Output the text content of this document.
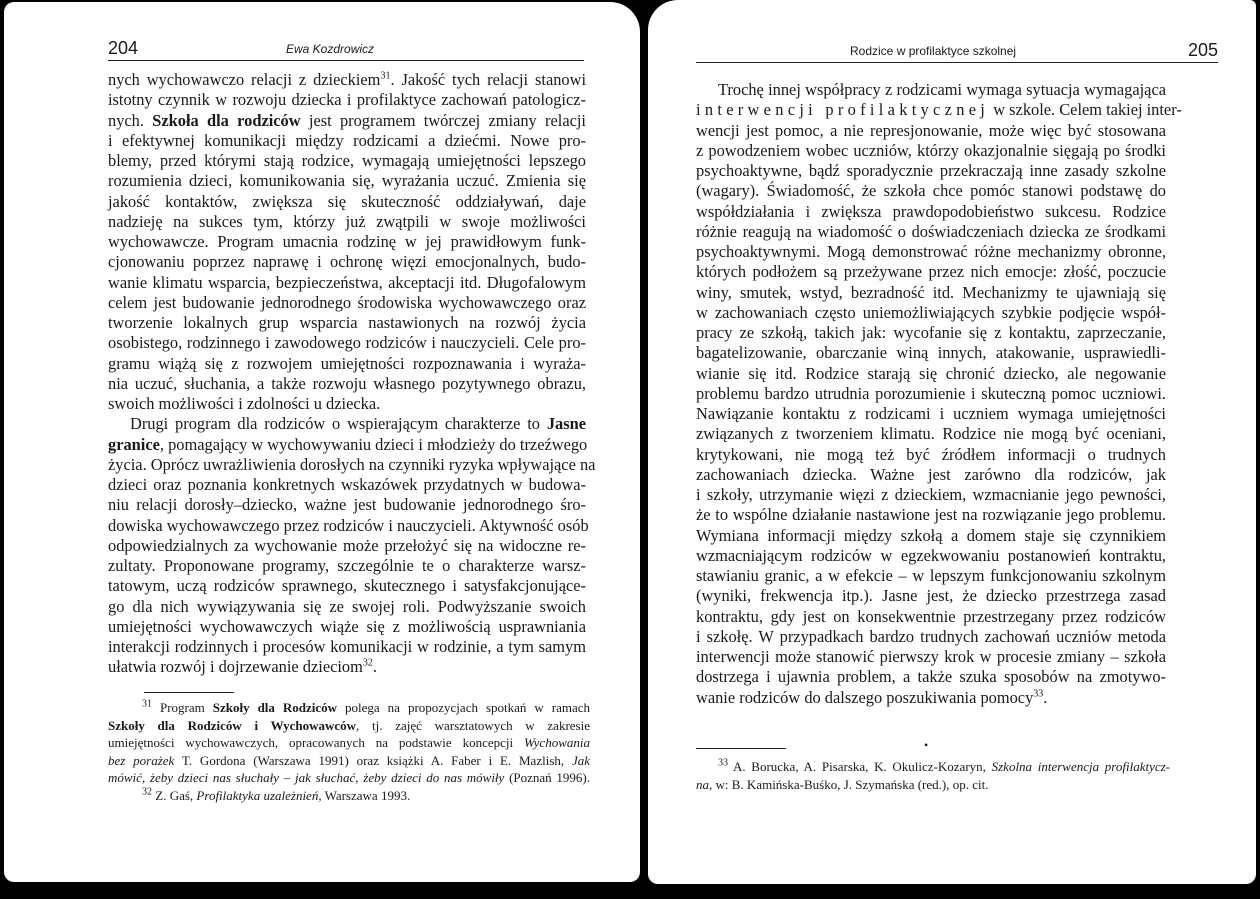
204	Ewa Kozdrowicz
nych wychowawczo relacji z dzieckiem$^{31}$. Jakość tych relacji stanowi
istotny czynnik w rozwoju dziecka i profilaktyce zachowań patologicz-
nych. Szkoła dla rodziców jest programem twórczej zmiany relacji
i efektywnej komunikacji między rodzicami a dziećmi. Nowe pro-
blemy, przed którymi stają rodzice, wymagają umiejętności lepszego
rozumienia dzieci, komunikowania się, wyrażania uczuć. Zmienia się
jakość kontaktów, zwiększa się skuteczność oddziaływań, daje
nadzieję na sukces tym, którzy już zwątpili w swoje możliwości
wychowawcze. Program umacnia rodzinę w jej prawidłowym funk-
cjonowaniu poprzez naprawę i ochronę więzi emocjonalnych, budo-
wanie klimatu wsparcia, bezpieczeństwa, akceptacji itd. Długofalowym
celem jest budowanie jednorodnego środowiska wychowawczego oraz
tworzenie lokalnych grup wsparcia nastawionych na rozwój życia
osobistego, rodzinnego i zawodowego rodziców i nauczycieli. Cele pro-
gramu wiążą się z rozwojem umiejętności rozpoznawania i wyraża-
nia uczuć, słuchania, a także rozwoju własnego pozytywnego obrazu,
swoich możliwości i zdolności u dziecka.
Drugi program dla rodziców o wspierającym charakterze to Jasne
granice, pomagający w wychowywaniu dzieci i młodzieży do trzeźwego
życia. Oprócz uwrażliwienia dorosłych na czynniki ryzyka wpływające na
dzieci oraz poznania konkretnych wskazówek przydatnych w budowa-
niu relacji dorosły–dziecko, ważne jest budowanie jednorodnego śro-
dowiska wychowawczego przez rodziców i nauczycieli. Aktywność osób
odpowiedzialnych za wychowanie może przełożyć się na widoczne re-
zultaty. Proponowane programy, szczególnie te o charakterze warsz-
tatowym, uczą rodziców sprawnego, skutecznego i satysfakcjonujące-
go dla nich wywiązywania się ze swojej roli. Podwyższanie swoich
umiejętności wychowawczych wiąże się z możliwością usprawniania
interakcji rodzinnych i procesów komunikacji w rodzinie, a tym samym
ułatwia rozwój i dojrzewanie dzieciom$^{32}$.
$^{31}$ Program Szkoły dla Rodziców polega na propozycjach spotkań w ramach
Szkoły dla Rodziców i Wychowawców, tj. zajęć warsztatowych w zakresie
umiejętności wychowawczych, opracowanych na podstawie koncepcji Wychowania
bez porażek T. Gordona (Warszawa 1991) oraz książki A. Faber i E. Mazlish, Jak
mówić, żeby dzieci nas słuchały – jak słuchać, żeby dzieci do nas mówiły (Poznań 1996).
$^{32}$ Z. Gaś, Profilaktyka uzależnień, Warszawa 1993.
Rodzice w profilaktyce szkolnej	205
Trochę innej współpracy z rodzicami wymaga sytuacja wymagająca
interwencji profilaktycznej w szkole. Celem takiej inter-
wencji jest pomoc, a nie represjonowanie, może więc być stosowana
z powodzeniem wobec uczniów, którzy okazjonalnie sięgają po środki
psychoaktywne, bądź sporadycznie przekraczają inne zasady szkolne
(wagary). Świadomość, że szkoła chce pomóc stanowi podstawę do
współdziałania i zwiększa prawdopodobieństwo sukcesu. Rodzice
różnie reagują na wiadomość o doświadczeniach dziecka ze środkami
psychoaktywnymi. Mogą demonstrować różne mechanizmy obronne,
których podłożem są przeżywane przez nich emocje: złość, poczucie
winy, smutek, wstyd, bezradność itd. Mechanizmy te ujawniają się
w zachowaniach często uniemożliwiających szybkie podjęcie współ-
pracy ze szkołą, takich jak: wycofanie się z kontaktu, zaprzeczanie,
bagatelizowanie, obarczanie winą innych, atakowanie, usprawiedli-
wianie się itd. Rodzice starają się chronić dziecko, ale negowanie
problemu bardzo utrudnia porozumienie i skuteczną pomoc uczniowi.
Nawiązanie kontaktu z rodzicami i uczniem wymaga umiejętności
związanych z tworzeniem klimatu. Rodzice nie mogą być oceniani,
krytykowani, nie mogą też być źródłem informacji o trudnych
zachowaniach dziecka. Ważne jest zarówno dla rodziców, jak
i szkoły, utrzymanie więzi z dzieckiem, wzmacnianie jego pewności,
że to wspólne działanie nastawione jest na rozwiązanie jego problemu.
Wymiana informacji między szkołą a domem staje się czynnikiem
wzmacniającym rodziców w egzekwowaniu postanowień kontraktu,
stawianiu granic, a w efekcie – w lepszym funkcjonowaniu szkolnym
(wyniki, frekwencja itp.). Jasne jest, że dziecko przestrzega zasad
kontraktu, gdy jest on konsekwentnie przestrzegany przez rodziców
i szkołę. W przypadkach bardzo trudnych zachowań uczniów metoda
interwencji może stanowić pierwszy krok w procesie zmiany – szkoła
dostrzega i ujawnia problem, a także szuka sposobów na zmotywo-
wanie rodziców do dalszego poszukiwania pomocy$^{33}$.
•
$^{33}$ A. Borucka, A. Pisarska, K. Okulicz-Kozaryn, Szkolna interwencja profilaktycz-
na, w: B. Kamińska-Buśko, J. Szymańska (red.), op. cit.
